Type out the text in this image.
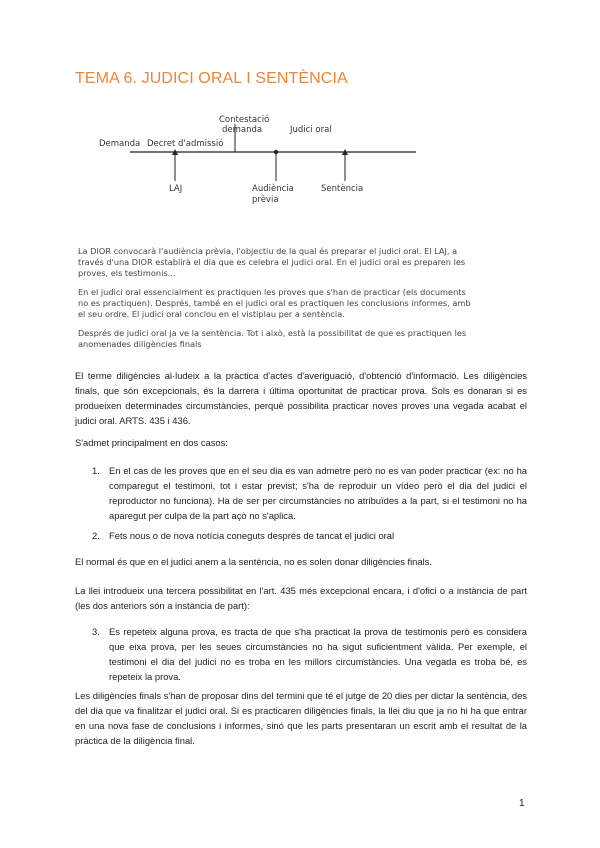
TEMA 6. JUDICI ORAL I SENTÈNCIA
Contestació
demanda	Judici oral
Demanda Decret d'admissió
LAJ	Audiència
prèvia
Sentència

La DIOR convocarà l'audiència prèvia, l'objectiu de la qual és preparar el judici oral. El LAJ, a través d'una DIOR establirà el dia que es celebra el judici oral. En el judici oral es preparen les proves, els testimonis...

En el judici oral essencialment es practiquen les proves que s'han de practicar (els documents no es practiquen). Després, també en el judici oral es practiquen les conclusions informes, amb el seu ordre. El judici oral conclou en el vistiplau per a sentència.

Després de judici oral ja ve la sentència. Tot i això, està la possibilitat de que es practiquen les anomenades diligències finals

El terme diligències al·ludeix a la pràctica d'actes d'averiguació, d'obtenció d'informació. Les diligències finals, que són excepcionals, és la darrera i última oportunitat de practicar prova. Sols es donaran si es produeixen determinades circumstàncies, perquè possibilita practicar noves proves una vegada acabat el judici oral. ARTS. 435 i 436.

S'admet principalment en dos casos:

1. En el cas de les proves que en el seu dia es van admetre però no es van poder practicar (ex: no ha comparegut el testimoni, tot i estar previst; s'ha de reproduir un vídeo però el dia del judici el reproductor no funciona). Ha de ser per circumstàncies no atribuïdes a la part, si el testimoni no ha aparegut per culpa de la part açò no s'aplica.
2. Fets nous o de nova notícia coneguts després de tancat el judici oral

El normal és que en el judici anem a la sentència, no es solen donar diligències finals.

La llei introdueix una tercera possibilitat en l'art. 435 més excepcional encara, i d'ofici o a instància de part (les dos anteriors són a instància de part):

3. Es repeteix alguna prova, es tracta de que s'ha practicat la prova de testimonis però es considera que eixa prova, per les seues circumstàncies no ha sigut suficientment vàlida. Per exemple, el testimoni el dia del judici no es troba en les millors circumstàncies. Una vegada es troba bé, es repeteix la prova.

Les diligències finals s'han de proposar dins del termini que té el jutge de 20 dies per dictar la sentència, des del dia que va finalitzar el judici oral. Si es practicaren diligències finals, la llei diu que ja no hi ha que entrar en una nova fase de conclusions i informes, sinó que les parts presentaran un escrit amb el resultat de la pràctica de la diligència final.

1
